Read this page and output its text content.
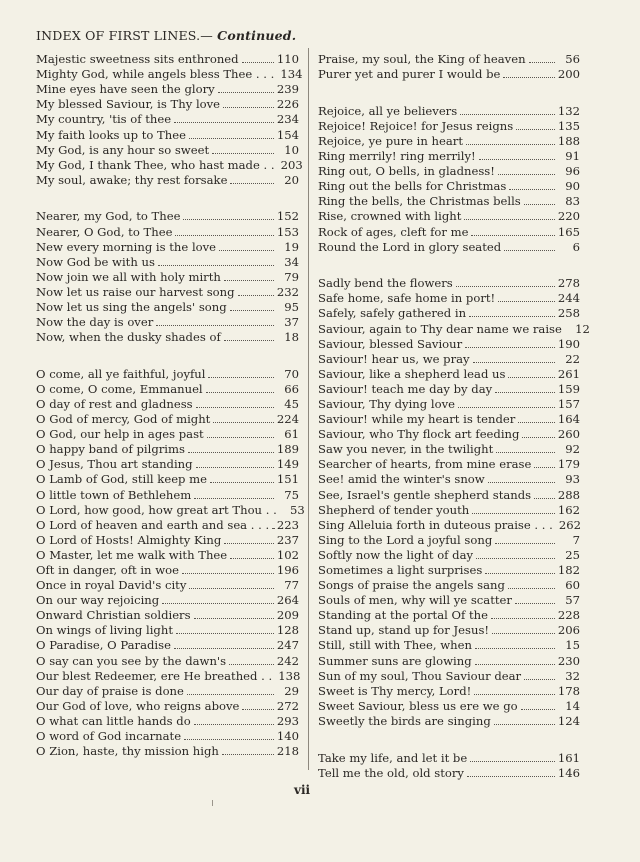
INDEX OF FIRST LINES.— Continued.
Majestic sweetness sits enthroned	110
Mighty God, while angels bless Thee . . . 134
Mine eyes have seen the glory	239
My blessed Saviour, is Thy love	226
My country, 'tis of thee	234
My faith looks up to Thee	154
My God, is any hour so sweet	10
My God, I thank Thee, who hast made . . 203
My soul, awake; thy rest forsake	20
Nearer, my God, to Thee	152
Nearer, O God, to Thee	153
New every morning is the love	19
Now God be with us	34
Now join we all with holy mirth	79
Now let us raise our harvest song	232
Now let us sing the angels' song	95
Now the day is over	37
Now, when the dusky shades of	18
O come, all ye faithful, joyful	70
O come, O come, Emmanuel	66
O day of rest and gladness	45
O God of mercy, God of might	224
O God, our help in ages past	61
O happy band of pilgrims	189
O Jesus, Thou art standing	149
O Lamb of God, still keep me	151
O little town of Bethlehem	75
O Lord, how good, how great art Thou . .	53
O Lord of heaven and earth and sea . . . 223
O Lord of Hosts! Almighty King	237
O Master, let me walk with Thee	102
Oft in danger, oft in woe	196
Once in royal David's city	77
On our way rejoicing	264
Onward Christian soldiers	209
On wings of living light	128
O Paradise, O Paradise	247
O say can you see by the dawn's	242
Our blest Redeemer, ere He breathed . . 138
Our day of praise is done	29
Our God of love, who reigns above	272
O what can little hands do	293
O word of God incarnate	140
O Zion, haste, thy mission high	218
Praise, my soul, the King of heaven	56
Purer yet and purer I would be	200
Rejoice, all ye believers	132
Rejoice! Rejoice! for Jesus reigns	135
Rejoice, ye pure in heart	188
Ring merrily! ring merrily!	91
Ring out, O bells, in gladness!	96
Ring out the bells for Christmas	90
Ring the bells, the Christmas bells	83
Rise, crowned with light	220
Rock of ages, cleft for me	165
Round the Lord in glory seated	6
Sadly bend the flowers	278
Safe home, safe home in port!	244
Safely, safely gathered in	258
Saviour, again to Thy dear name we raise	12
Saviour, blessed Saviour	190
Saviour! hear us, we pray	22
Saviour, like a shepherd lead us	261
Saviour! teach me day by day	159
Saviour, Thy dying love	157
Saviour! while my heart is tender	164
Saviour, who Thy flock art feeding	260
Saw you never, in the twilight	92
Searcher of hearts, from mine erase 179
See! amid the winter's snow	93
See, Israel's gentle shepherd stands 288
Shepherd of tender youth	162
Sing Alleluia forth in duteous praise . . . 262
Sing to the Lord a joyful song	7
Softly now the light of day	25
Sometimes a light surprises	182
Songs of praise the angels sang	60
Souls of men, why will ye scatter	57
Standing at the portal Of the	228
Stand up, stand up for Jesus!	206
Still, still with Thee, when	15
Summer suns are glowing	230
Sun of my soul, Thou Saviour dear	32
Sweet is Thy mercy, Lord!	178
Sweet Saviour, bless us ere we go	14
Sweetly the birds are singing	124
Take my life, and let it be	161
Tell me the old, old story	146
vii
